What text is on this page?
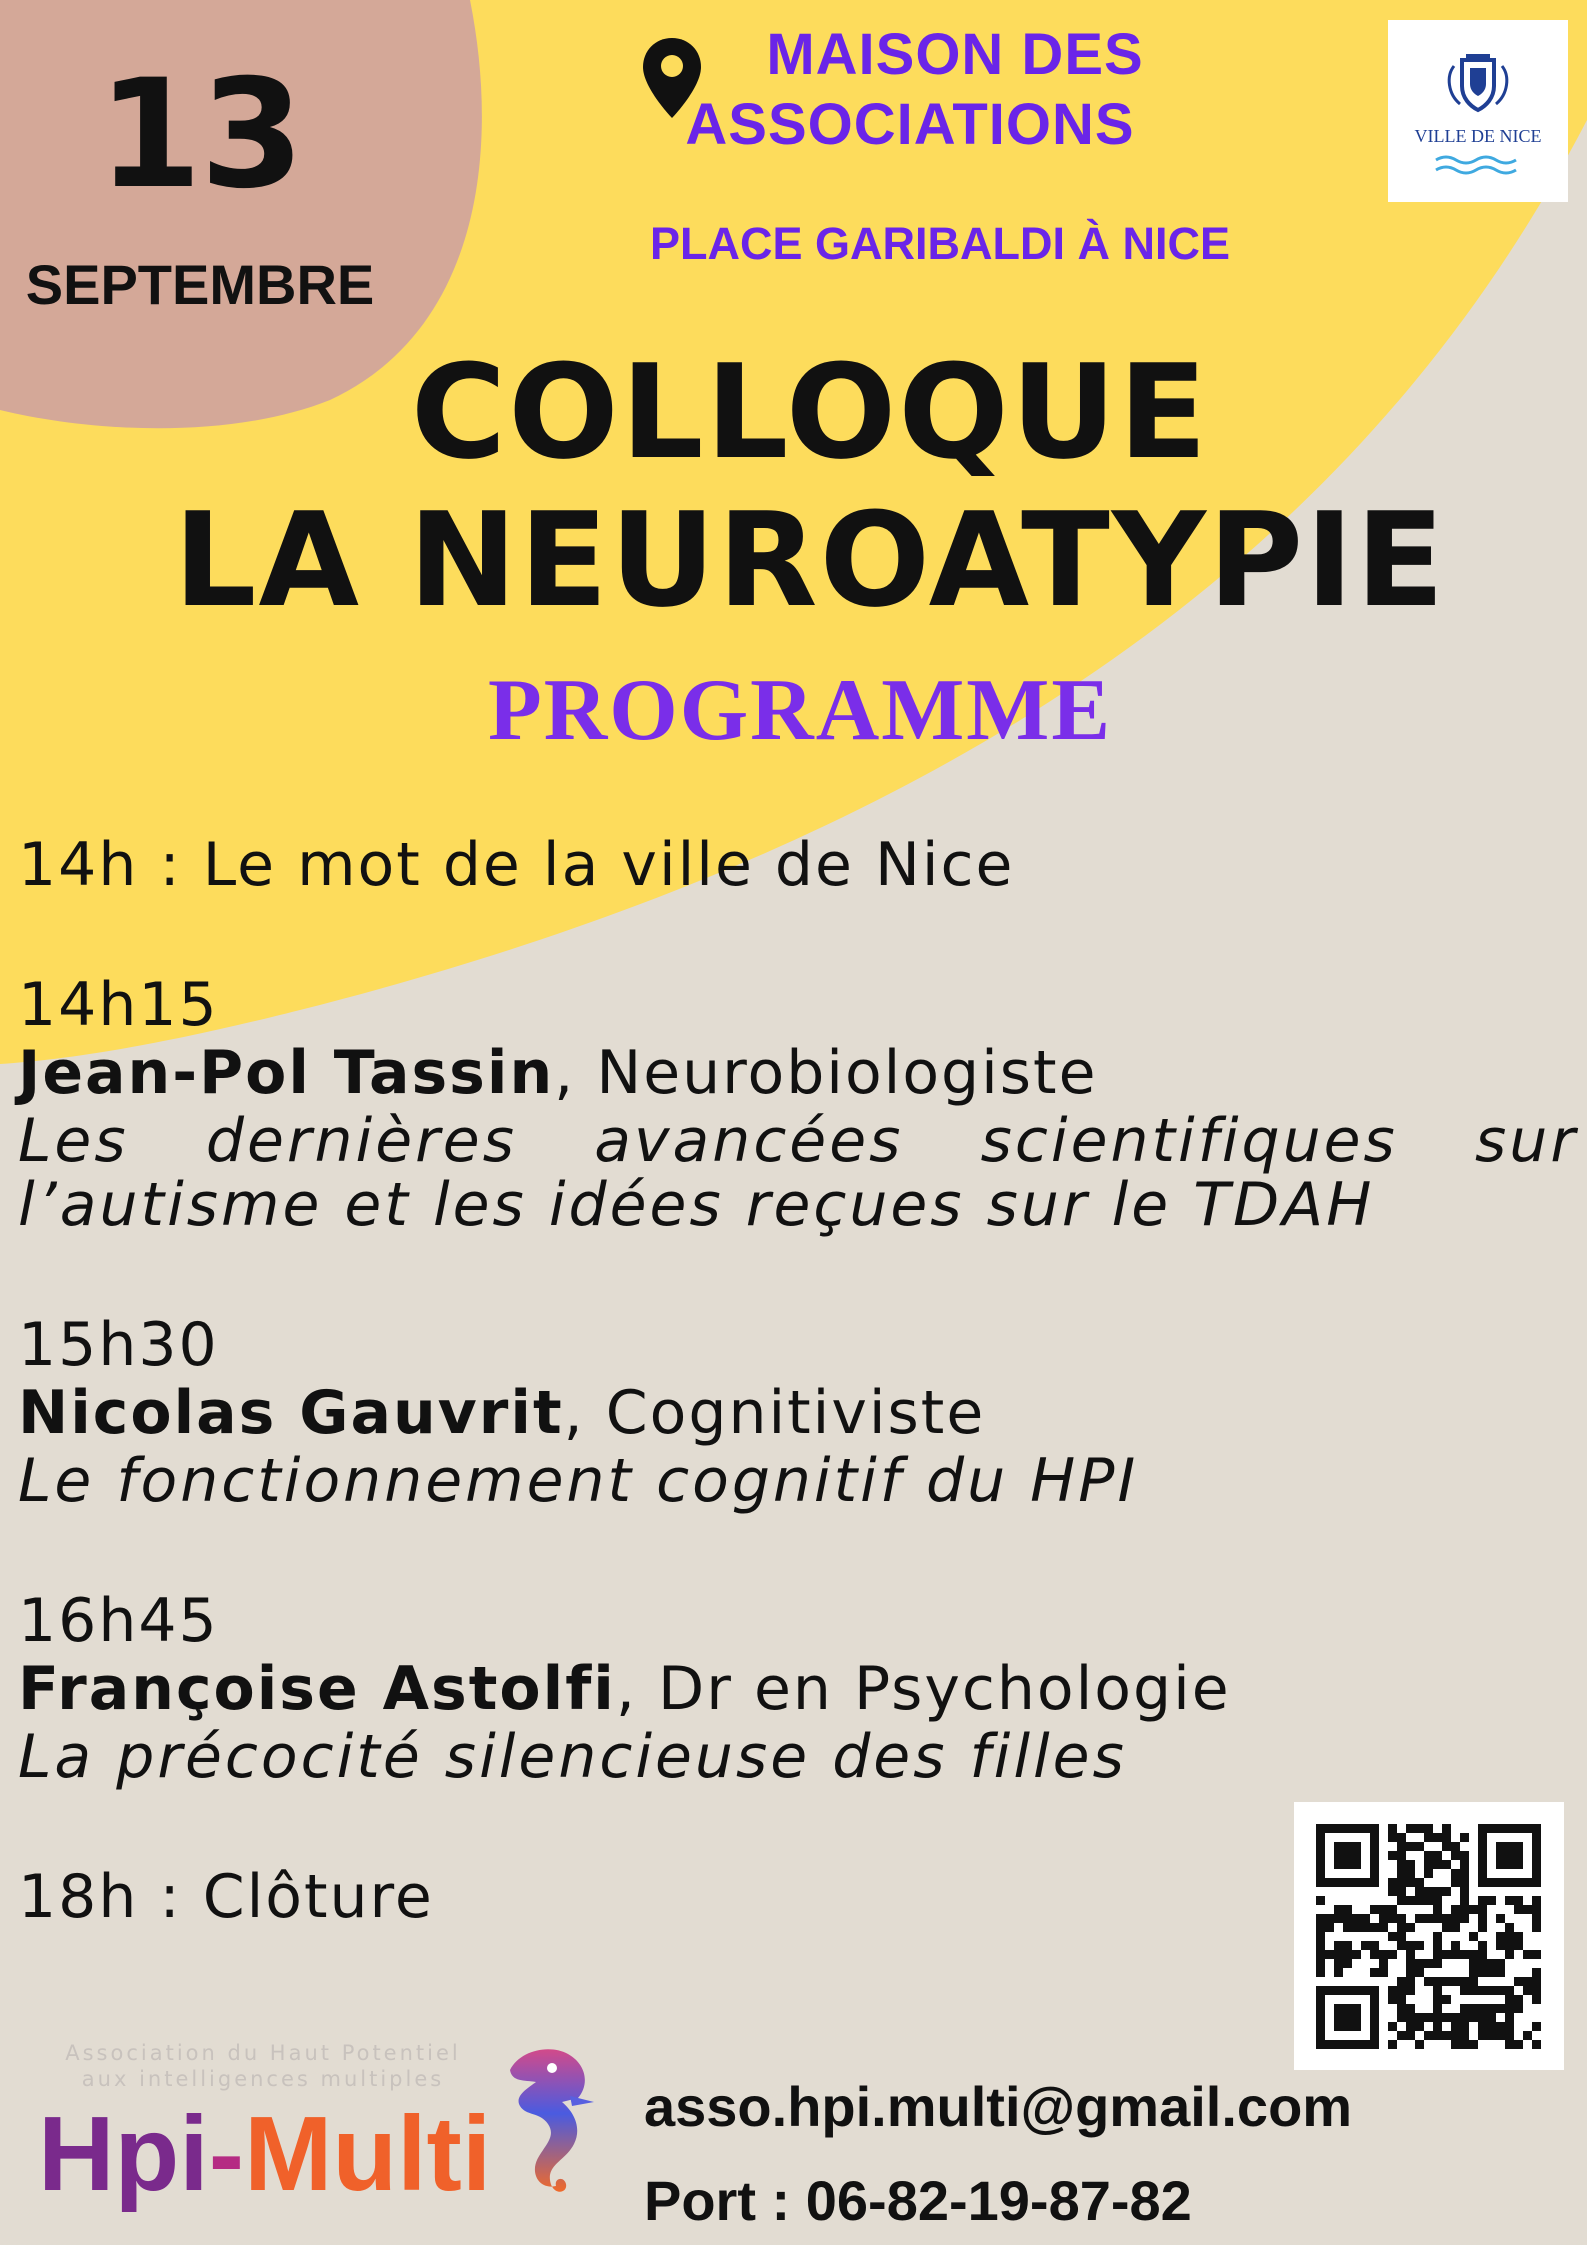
13
SEPTEMBRE
MAISON DES
ASSOCIATIONS
PLACE GARIBALDI À NICE
VILLE DE NICE
COLLOQUE
LA NEUROATYPIE
PROGRAMME
14h : Le mot de la ville de Nice
14h15
Jean-Pol Tassin, Neurobiologiste
Les dernières avancées scientifiques sur
l’autisme et les idées reçues sur le TDAH
15h30
Nicolas Gauvrit, Cognitiviste
Le fonctionnement cognitif du HPI
16h45
Françoise Astolfi, Dr en Psychologie
La précocité silencieuse des filles
18h : Clôture
Association du Haut Potentiel
aux intelligences multiples
Hpi-Multi	asso.hpi.multi@gmail.com
Port : 06-82-19-87-82
